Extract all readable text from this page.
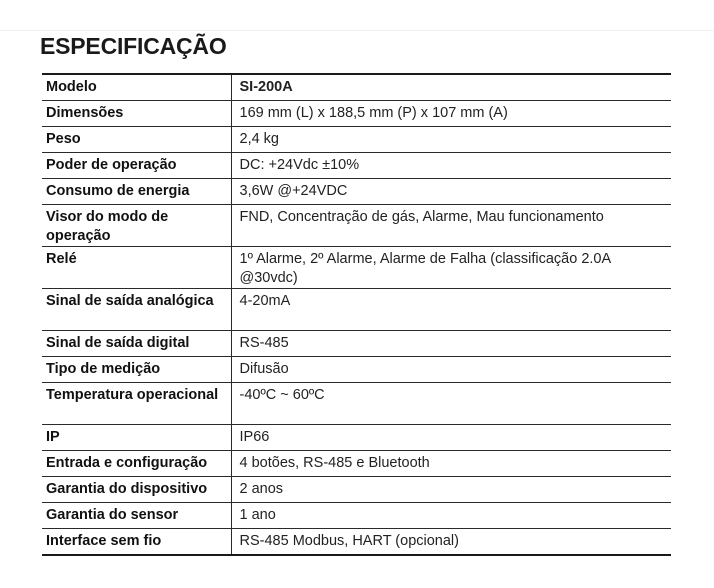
ESPECIFICAÇÃO
Modelo	SI-200A
Dimensões	169 mm (L) x 188,5 mm (P) x 107 mm (A)
Peso	2,4 kg
Poder de operação	DC: +24Vdc ±10%
Consumo de energia	3,6W @+24VDC
Visor do modo de operação	FND, Concentração de gás, Alarme, Mau funcionamento
Relé	1º Alarme, 2º Alarme, Alarme de Falha (classificação 2.0A @30vdc)
Sinal de saída analógica	4-20mA
Sinal de saída digital	RS-485
Tipo de medição	Difusão
Temperatura operacional	-40ºC ~ 60ºC
IP	IP66
Entrada e configuração	4 botões, RS-485 e Bluetooth
Garantia do dispositivo	2 anos
Garantia do sensor	1 ano
Interface sem fio	RS-485 Modbus, HART (opcional)
